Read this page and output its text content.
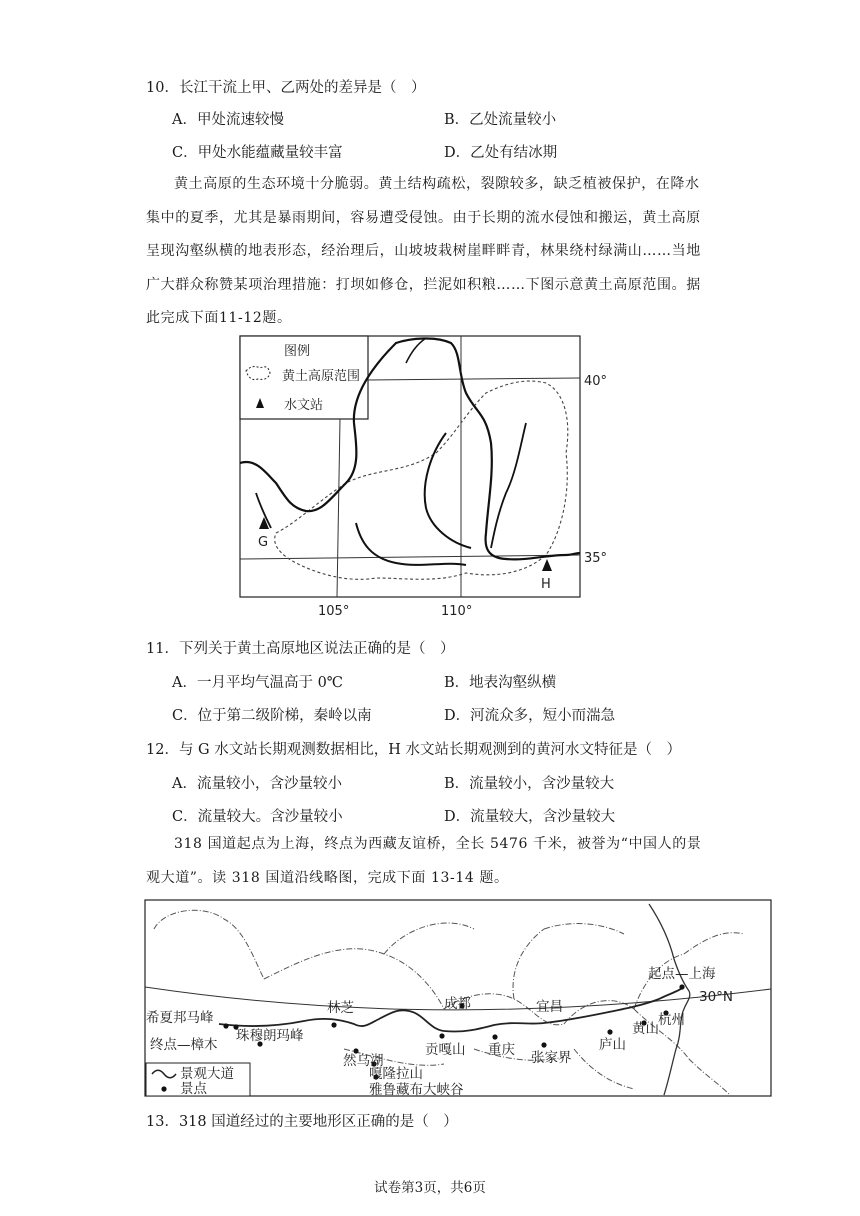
10．长江干流上甲、乙两处的差异是（　）
A．甲处流速较慢	B．乙处流量较小
C．甲处水能蕴藏量较丰富	D．乙处有结冰期

黄土高原的生态环境十分脆弱。黄土结构疏松，裂隙较多，缺乏植被保护，在降水

集中的夏季，尤其是暴雨期间，容易遭受侵蚀。由于长期的流水侵蚀和搬运，黄土高原

呈现沟壑纵横的地表形态，经治理后，山坡坡栽树崖畔畔青，林果绕村绿满山……当地

广大群众称赞某项治理措施：打坝如修仓，拦泥如积粮……下图示意黄土高原范围。据

此完成下面11-12题。

图例
黄土高原范围
水文站
G
H
40°
35°
105°	110°
11．下列关于黄土高原地区说法正确的是（　）
A．一月平均气温高于 0℃	B．地表沟壑纵横
C．位于第二级阶梯，秦岭以南	D．河流众多，短小而湍急
12．与 G 水文站长期观测数据相比，H 水文站长期观测到的黄河水文特征是（　）
A．流量较小，含沙量较小	B．流量较小，含沙量较大
C．流量较大。含沙量较小	D．流量较大，含沙量较大

318 国道起点为上海，终点为西藏友谊桥，全长 5476 千米，被誉为“中国人的景

观大道”。读 318 国道沿线略图，完成下面 13-14 题。

起点—上海
30°N
杭州
黄山
庐山
宜昌
成都
张家界
重庆
贡嘎山
林芝
然乌湖
嘎隆拉山
雅鲁藏布大峡谷
希夏邦马峰
珠穆朗玛峰
终点—樟木
景观大道
景点
13．318 国道经过的主要地形区正确的是（　）
试卷第3页，共6页
